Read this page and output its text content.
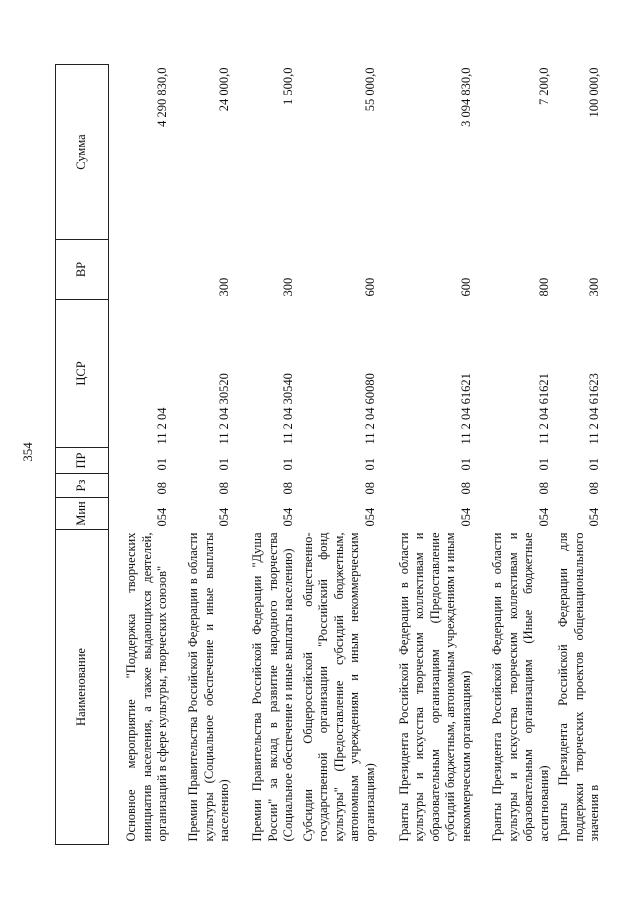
354
Наименование	Мин	Рз	ПР	ЦСР	ВР	Сумма
Основное мероприятие "Поддержка творческих инициатив населения, а также выдающихся деятелей, организаций в сфере культуры, творческих союзов"	054	08	01	11 2 04		4 290 830,0
Премии Правительства Российской Федерации в области культуры (Социальное обеспечение и иные выплаты населению)	054	08	01	11 2 04 30520	300	24 000,0
Премии Правительства Российской Федерации "Душа России" за вклад в развитие народного творчества (Социальное обеспечение и иные выплаты населению)	054	08	01	11 2 04 30540	300	1 500,0
Субсидии Общероссийской общественно-государственной организации "Российский фонд культуры" (Предоставление субсидий бюджетным, автономным учреждениям и иным некоммерческим организациям)	054	08	01	11 2 04 60080	600	55 000,0
Гранты Президента Российской Федерации в области культуры и искусства творческим коллективам и образовательным организациям (Предоставление субсидий бюджетным, автономным учреждениям и иным некоммерческим организациям)	054	08	01	11 2 04 61621	600	3 094 830,0
Гранты Президента Российской Федерации в области культуры и искусства творческим коллективам и образовательным организациям (Иные бюджетные ассигнования)	054	08	01	11 2 04 61621	800	7 200,0
Гранты Президента Российской Федерации для поддержки творческих проектов общенационального значения в	054	08	01	11 2 04 61623	300	100 000,0
